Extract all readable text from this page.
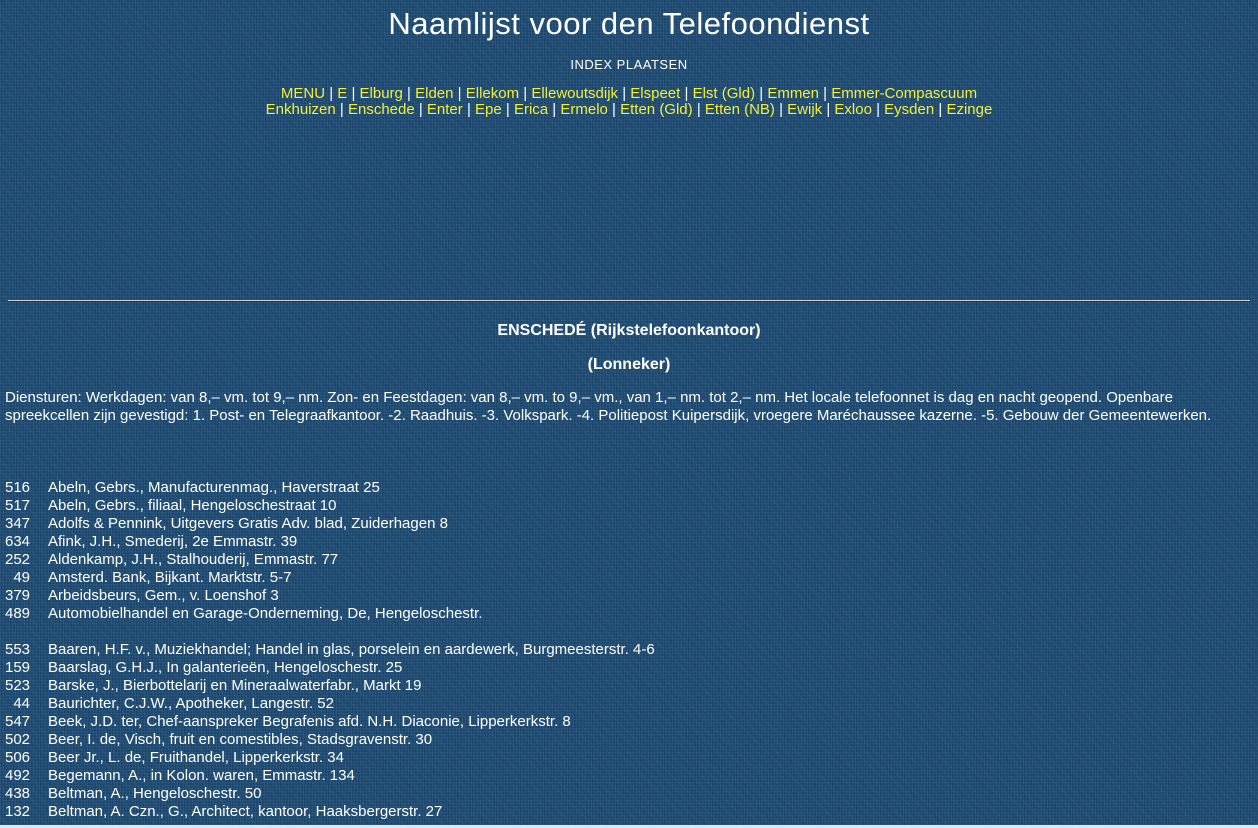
Naamlijst voor den Telefoondienst
INDEX PLAATSEN
MENU | E | Elburg | Elden | Ellekom | Ellewoutsdijk | Elspeet | Elst (Gld) | Emmen | Emmer-Compascuum
Enkhuizen | Enschede | Enter | Epe | Erica | Ermelo | Etten (Gld) | Etten (NB) | Ewijk | Exloo | Eysden | Ezinge
ENSCHEDÉ (Rijkstelefoonkantoor)
(Lonneker)

Diensturen: Werkdagen: van 8,– vm. tot 9,– nm. Zon- en Feestdagen: van 8,– vm. to 9,– vm., van 1,– nm. tot 2,– nm. Het locale telefoonnet is dag en nacht geopend. Openbare spreekcellen zijn gevestigd: 1. Post- en Telegraafkantoor. -2. Raadhuis. -3. Volkspark. -4. Politiepost Kuipersdijk, vroegere Maréchaussee kazerne. -5. Gebouw der Gemeentewerken.

516 Abeln, Gebrs., Manufacturenmag., Haverstraat 25
517 Abeln, Gebrs., filiaal, Hengeloschestraat 10
347 Adolfs & Pennink, Uitgevers Gratis Adv. blad, Zuiderhagen 8
634 Afink, J.H., Smederij, 2e Emmastr. 39
252 Aldenkamp, J.H., Stalhouderij, Emmastr. 77
49 Amsterd. Bank, Bijkant. Marktstr. 5-7
379 Arbeidsbeurs, Gem., v. Loenshof 3
489 Automobielhandel en Garage-Onderneming, De, Hengeloschestr.
553 Baaren, H.F. v., Muziekhandel; Handel in glas, porselein en aardewerk, Burgmeesterstr. 4-6
159 Baarslag, G.H.J., In galanterieën, Hengeloschestr. 25
523 Barske, J., Bierbottelarij en Mineraalwaterfabr., Markt 19
44 Baurichter, C.J.W., Apotheker, Langestr. 52
547 Beek, J.D. ter, Chef-aanspreker Begrafenis afd. N.H. Diaconie, Lipperkerkstr. 8
502 Beer, I. de, Visch, fruit en comestibles, Stadsgravenstr. 30
506 Beer Jr., L. de, Fruithandel, Lipperkerkstr. 34
492 Begemann, A., in Kolon. waren, Emmastr. 134
438 Beltman, A., Hengeloschestr. 50
132 Beltman, A. Czn., G., Architect, kantoor, Haaksbergerstr. 27
